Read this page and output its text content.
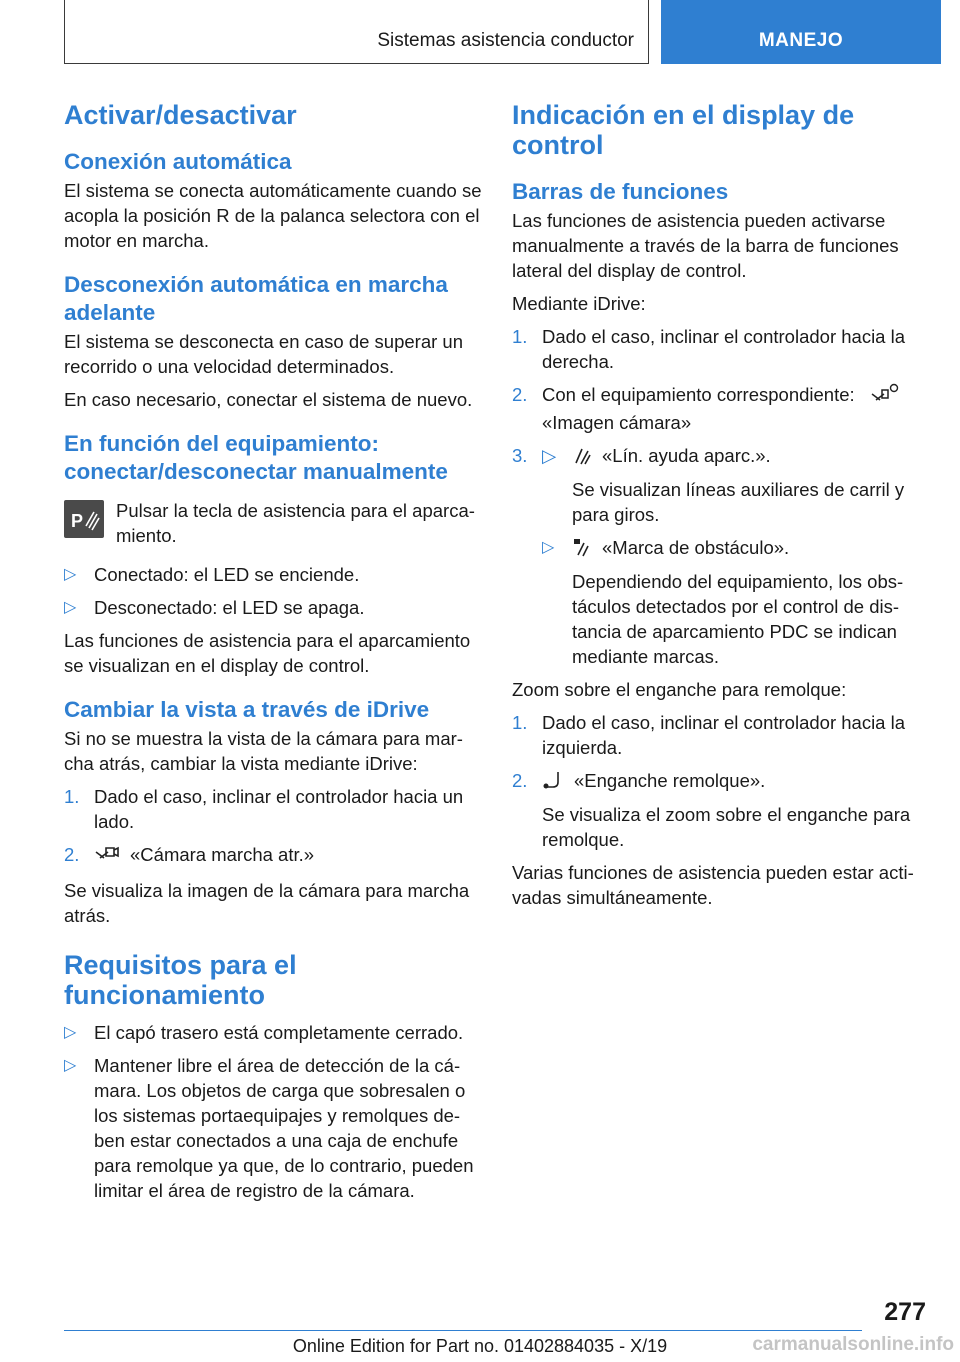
Sistemas asistencia conductor	MANEJO
Activar/desactivar
Conexión automática

El sistema se conecta automáticamente cuando se acopla la posición R de la palanca selectora con el motor en marcha.

Desconexión automática en marcha adelante

El sistema se desconecta en caso de superar un recorrido o una velocidad determinados.

En caso necesario, conectar el sistema de nuevo.

En función del equipamiento: conectar/desconectar manualmente
P Pulsar la tecla de asistencia para el aparcamiento.
▷ Conectado: el LED se enciende.
▷ Desconectado: el LED se apaga.

Las funciones de asistencia para el aparcamiento se visualizan en el display de control.

Cambiar la vista a través de iDrive

Si no se muestra la vista de la cámara para marcha atrás, cambiar la vista mediante iDrive:

1. Dado el caso, inclinar el controlador hacia un lado.
2.	«Cámara marcha atr.»

Se visualiza la imagen de la cámara para marcha atrás.

Requisitos para el funcionamiento
▷ El capó trasero está completamente cerrado.
▷ Mantener libre el área de detección de la cámara. Los objetos de carga que sobresalen o los sistemas portaequipajes y remolques deben estar conectados a una caja de enchufe para remolque ya que, de lo contrario, pueden limitar el área de registro de la cámara.
Indicación en el display de control
Barras de funciones

Las funciones de asistencia pueden activarse manualmente a través de la barra de funciones lateral del display de control.

Mediante iDrive:

1. Dado el caso, inclinar el controlador hacia la derecha.
2. Con el equipamiento correspondiente:
«Imagen cámara»
3. ▷	«Lín. ayuda aparc.».

Se visualizan líneas auxiliares de carril y para giros.

▷	«Marca de obstáculo».

Dependiendo del equipamiento, los obstáculos detectados por el control de distancia de aparcamiento PDC se indican mediante marcas.

Zoom sobre el enganche para remolque:

1. Dado el caso, inclinar el controlador hacia la izquierda.
2.	«Enganche remolque».

Se visualiza el zoom sobre el enganche para remolque.

Varias funciones de asistencia pueden estar activadas simultáneamente.

277
Online Edition for Part no. 01402884035 - X/19	carmanualsonline.info
